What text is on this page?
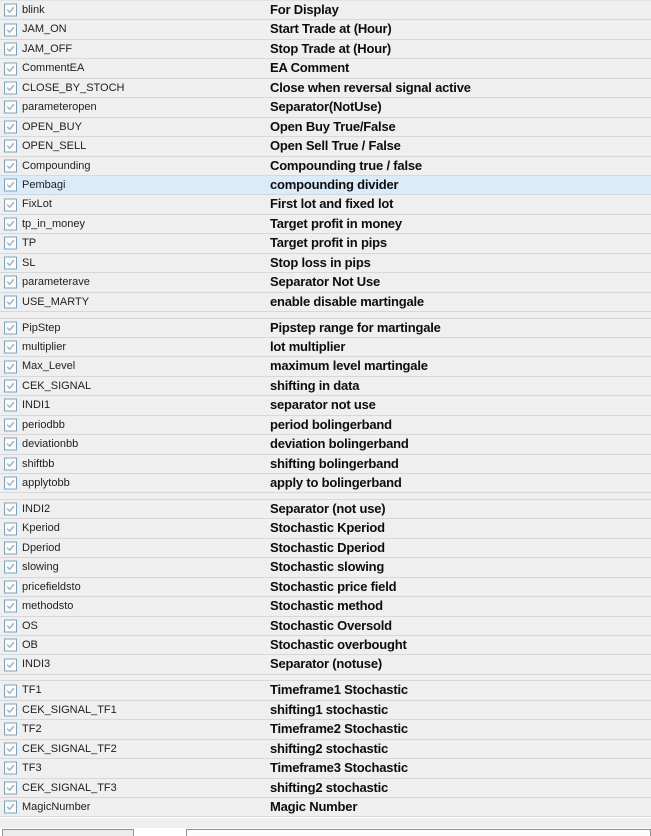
blink	For Display
JAM_ON	Start Trade at (Hour)
JAM_OFF	Stop Trade at (Hour)
CommentEA	EA Comment
CLOSE_BY_STOCH	Close when reversal signal active
parameteropen	Separator(NotUse)
OPEN_BUY	Open Buy True/False
OPEN_SELL	Open Sell True / False
Compounding	Compounding true / false
Pembagi	compounding divider
FixLot	First lot and fixed lot
tp_in_money	Target profit in money
TP	Target profit in pips
SL	Stop loss in pips
parameterave	Separator Not Use
USE_MARTY	enable disable martingale
PipStep	Pipstep range for martingale
multiplier	lot multiplier
Max_Level	maximum level martingale
CEK_SIGNAL	shifting in data
INDI1	separator not use
periodbb	period bolingerband
deviationbb	deviation bolingerband
shiftbb	shifting bolingerband
applytobb	apply to bolingerband
INDI2	Separator (not use)
Kperiod	Stochastic Kperiod
Dperiod	Stochastic Dperiod
slowing	Stochastic slowing
pricefieldsto	Stochastic price field
methodsto	Stochastic method
OS	Stochastic Oversold
OB	Stochastic overbought
INDI3	Separator (notuse)
TF1	Timeframe1 Stochastic
CEK_SIGNAL_TF1	shifting1 stochastic
TF2	Timeframe2 Stochastic
CEK_SIGNAL_TF2	shifting2 stochastic
TF3	Timeframe3 Stochastic
CEK_SIGNAL_TF3	shifting2 stochastic
MagicNumber	Magic Number
